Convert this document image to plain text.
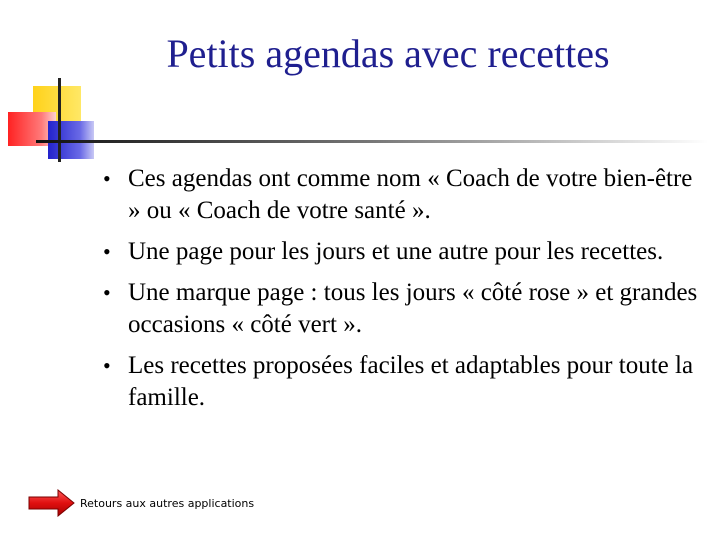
Petits agendas avec recettes
• Ces agendas ont comme nom « Coach de votre bien-être » ou « Coach de votre santé ».
• Une page pour les jours et une autre pour les recettes.
• Une marque page : tous les jours « côté rose » et grandes occasions « côté vert ».
• Les recettes proposées faciles et adaptables pour toute la famille.
Retours aux autres applications
